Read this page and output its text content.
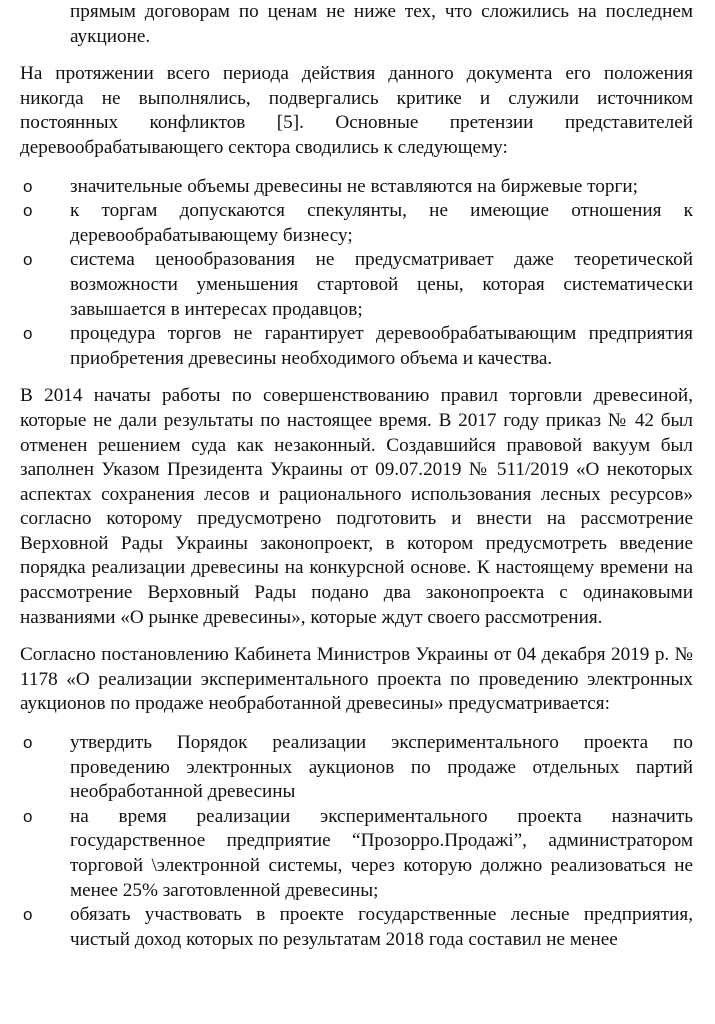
прямым договорам по ценам не ниже тех, что сложились на последнем аукционе.

На протяжении всего периода действия данного документа его положения никогда не выполнялись, подвергались критике и служили источником постоянных конфликтов [5]. Основные претензии представителей деревообрабатывающего сектора сводились к следующему:

o значительные объемы древесины не вставляются на биржевые торги;
o к торгам допускаются спекулянты, не имеющие отношения к деревообрабатывающему бизнесу;
o система ценообразования не предусматривает даже теоретической возможности уменьшения стартовой цены, которая систематически завышается в интересах продавцов;
o процедура торгов не гарантирует деревообрабатывающим предприятия приобретения древесины необходимого объема и качества.

В 2014 начаты работы по совершенствованию правил торговли древесиной, которые не дали результаты по настоящее время. В 2017 году приказ № 42 был отменен решением суда как незаконный. Создавшийся правовой вакуум был заполнен Указом Президента Украины от 09.07.2019 № 511/2019 «О некоторых аспектах сохранения лесов и рационального использования лесных ресурсов» согласно которому предусмотрено подготовить и внести на рассмотрение Верховной Рады Украины законопроект, в котором предусмотреть введение порядка реализации древесины на конкурсной основе. К настоящему времени на рассмотрение Верховный Рады подано два законопроекта с одинаковыми названиями «О рынке древесины», которые ждут своего рассмотрения.

Согласно постановлению Кабинета Министров Украины от 04 декабря 2019 р. № 1178 «О реализации экспериментального проекта по проведению электронных аукционов по продаже необработанной древесины» предусматривается:

o утвердить Порядок реализации экспериментального проекта по проведению электронных аукционов по продаже отдельных партий необработанной древесины
o на время реализации экспериментального проекта назначить государственное предприятие “Прозорро.Продажі”, администратором торговой \электронной системы, через которую должно реализоваться не менее 25% заготовленной древесины;
o обязать участвовать в проекте государственные лесные предприятия, чистый доход которых по результатам 2018 года составил не менее
